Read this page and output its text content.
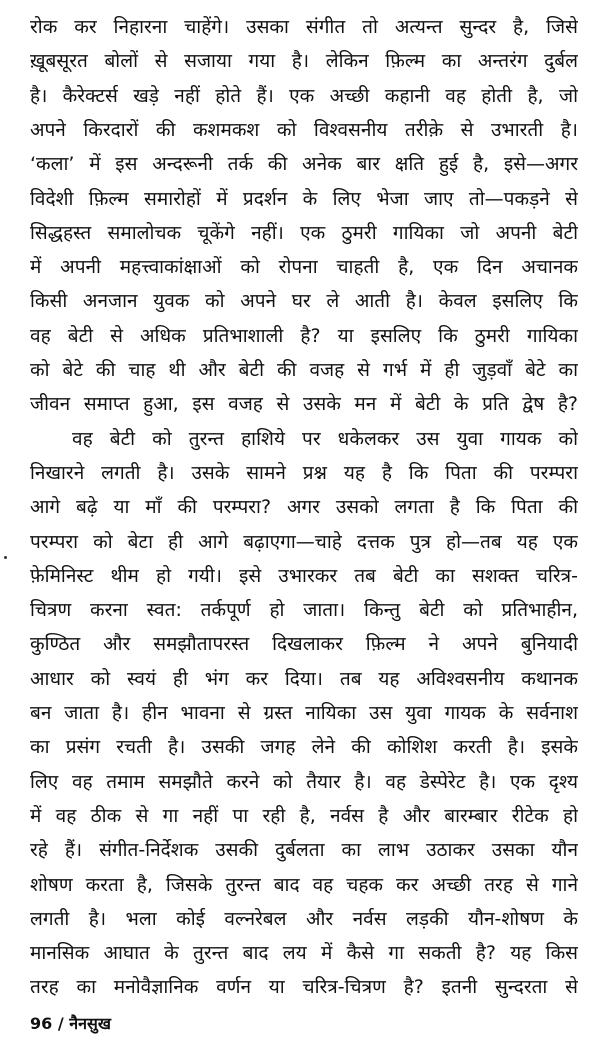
रोक कर निहारना चाहेंगे। उसका संगीत तो अत्यन्त सुन्दर है, जिसे
ख़ूबसूरत बोलों से सजाया गया है। लेकिन फ़िल्म का अन्तरंग दुर्बल
है। कैरेक्टर्स खड़े नहीं होते हैं। एक अच्छी कहानी वह होती है, जो
अपने किरदारों की कशमकश को विश्वसनीय तरीक़े से उभारती है।
‘कला’ में इस अन्दरूनी तर्क की अनेक बार क्षति हुई है, इसे—अगर
विदेशी फ़िल्म समारोहों में प्रदर्शन के लिए भेजा जाए तो—पकड़ने से
सिद्धहस्त समालोचक चूकेंगे नहीं। एक ठुमरी गायिका जो अपनी बेटी
में अपनी महत्त्वाकांक्षाओं को रोपना चाहती है, एक दिन अचानक
किसी अनजान युवक को अपने घर ले आती है। केवल इसलिए कि
वह बेटी से अधिक प्रतिभाशाली है? या इसलिए कि ठुमरी गायिका
को बेटे की चाह थी और बेटी की वजह से गर्भ में ही जुड़वाँ बेटे का
जीवन समाप्त हुआ, इस वजह से उसके मन में बेटी के प्रति द्वेष है?
वह बेटी को तुरन्त हाशिये पर धकेलकर उस युवा गायक को
निखारने लगती है। उसके सामने प्रश्न यह है कि पिता की परम्परा
आगे बढ़े या माँ की परम्परा? अगर उसको लगता है कि पिता की
परम्परा को बेटा ही आगे बढ़ाएगा—चाहे दत्तक पुत्र हो—तब यह एक
फ़ेमिनिस्ट थीम हो गयी। इसे उभारकर तब बेटी का सशक्त चरित्र-
चित्रण करना स्वत: तर्कपूर्ण हो जाता। किन्तु बेटी को प्रतिभाहीन,
कुण्ठित और समझौतापरस्त दिखलाकर फ़िल्म ने अपने बुनियादी
आधार को स्वयं ही भंग कर दिया। तब यह अविश्वसनीय कथानक
बन जाता है। हीन भावना से ग्रस्त नायिका उस युवा गायक के सर्वनाश
का प्रसंग रचती है। उसकी जगह लेने की कोशिश करती है। इसके
लिए वह तमाम समझौते करने को तैयार है। वह डेस्पेरेट है। एक दृश्य
में वह ठीक से गा नहीं पा रही है, नर्वस है और बारम्बार रीटेक हो
रहे हैं। संगीत-निर्देशक उसकी दुर्बलता का लाभ उठाकर उसका यौन
शोषण करता है, जिसके तुरन्त बाद वह चहक कर अच्छी तरह से गाने
लगती है। भला कोई वल्नरेबल और नर्वस लड़की यौन-शोषण के
मानसिक आघात के तुरन्त बाद लय में कैसे गा सकती है? यह किस
तरह का मनोवैज्ञानिक वर्णन या चरित्र-चित्रण है? इतनी सुन्दरता से
96 / नैनसुख
